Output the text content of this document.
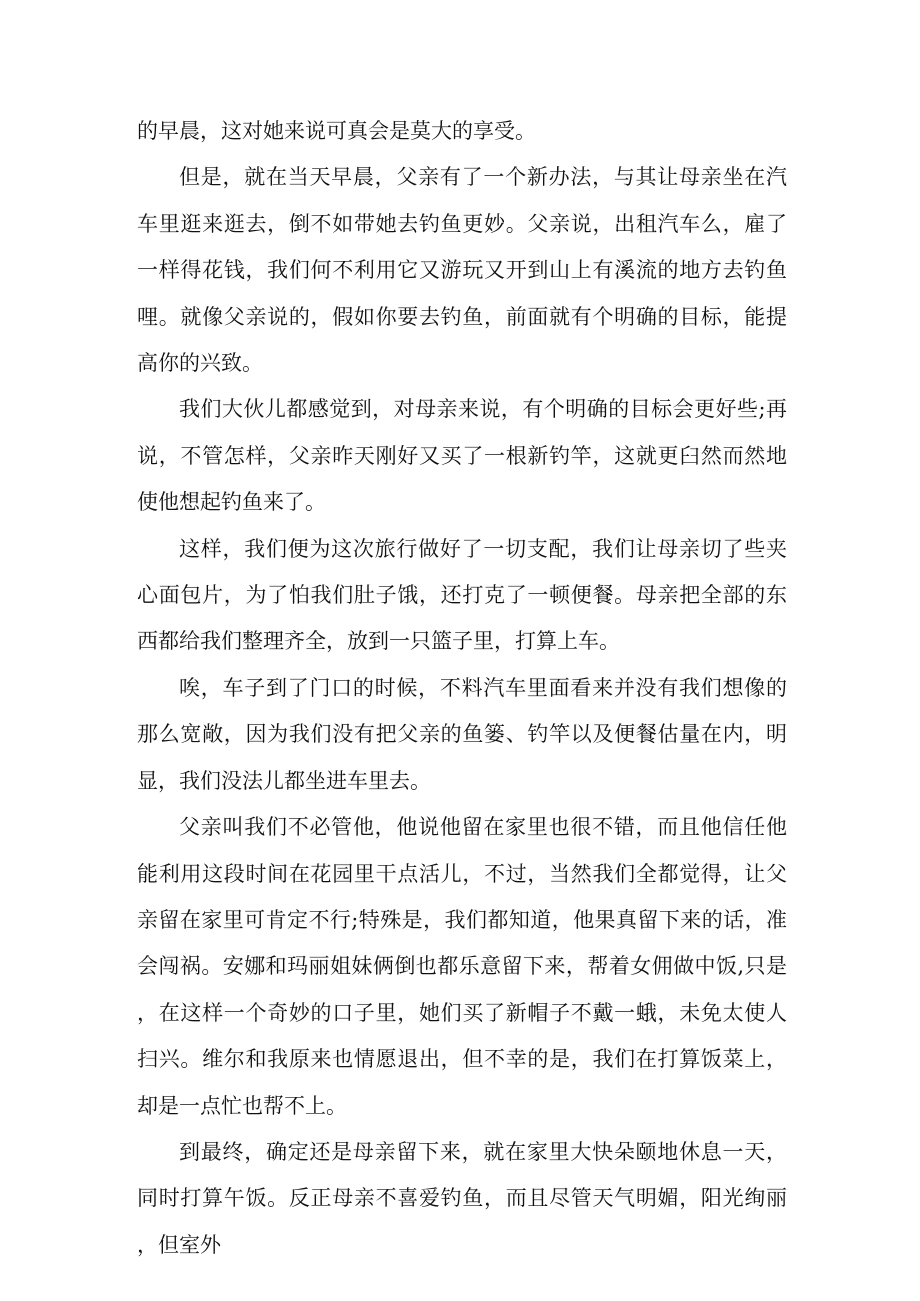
的早晨，这对她来说可真会是莫大的享受。

但是，就在当天早晨，父亲有了一个新办法，与其让母亲坐在汽车里逛来逛去，倒不如带她去钓鱼更妙。父亲说，出租汽车么，雇了一样得花钱，我们何不利用它又游玩又开到山上有溪流的地方去钓鱼哩。就像父亲说的，假如你要去钓鱼，前面就有个明确的目标，能提高你的兴致。

我们大伙儿都感觉到，对母亲来说，有个明确的目标会更好些;再说，不管怎样，父亲昨天刚好又买了一根新钓竿，这就更臼然而然地使他想起钓鱼来了。

这样，我们便为这次旅行做好了一切支配，我们让母亲切了些夹心面包片，为了怕我们肚子饿，还打克了一顿便餐。母亲把全部的东西都给我们整理齐全，放到一只篮子里，打算上车。

唉，车子到了门口的时候，不料汽车里面看来并没有我们想像的那么宽敞，因为我们没有把父亲的鱼篓、钓竿以及便餐估量在内，明显，我们没法儿都坐进车里去。

父亲叫我们不必管他，他说他留在家里也很不错，而且他信任他能利用这段时间在花园里干点活儿，不过，当然我们全都觉得，让父亲留在家里可肯定不行;特殊是，我们都知道，他果真留下来的话，准会闯祸。安娜和玛丽姐妹俩倒也都乐意留下来，帮着女佣做中饭,只是，在这样一个奇妙的口子里，她们买了新帽子不戴一蛾，未免太使人扫兴。维尔和我原来也情愿退出，但不幸的是，我们在打算饭菜上，却是一点忙也帮不上。

到最终，确定还是母亲留下来，就在家里大快朵颐地休息一天，同时打算午饭。反正母亲不喜爱钓鱼，而且尽管天气明媚，阳光绚丽，但室外
